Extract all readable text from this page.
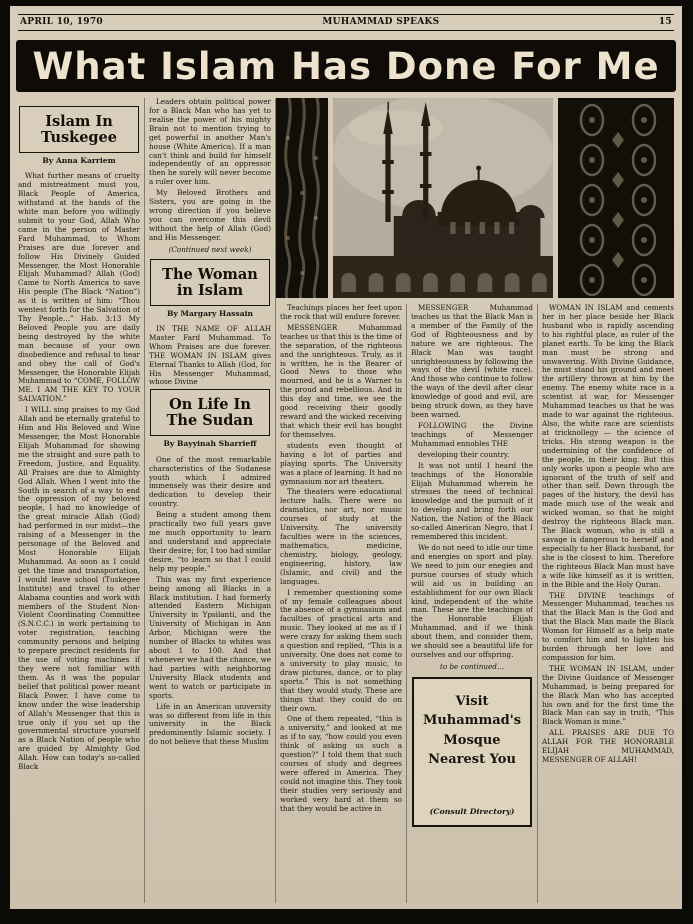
APRIL 10, 1970	MUHAMMAD SPEAKS	15
What Islam Has Done For Me
Islam In Tuskegee
By Anna Karriem

What further means of cruelty and mistreatment must you, Black People of America, withstand at the hands of the white man before you willingly submit to your God, Allah Who came in the person of Master Fard Muhammad, to Whom Praises are due forever and follow His Divinely Guided Messenger, the Most Honorable Elijah Muhammad? Allah (God) Came to North America to save His people (The Black “Nation”) as it is written of him: “Thou wentest forth for the Salvation of Thy People…” Hab. 3:13 My Beloved People you are daily being destroyed by the white man because of your own disobedience and refusal to hear and obey the call of God's Messenger, the Honorable Elijah Muhammad to “COME, FOLLOW ME. I AM THE KEY TO YOUR SALVATION.”

I WILL sing praises to my God Allah and be eternally grateful to Him and His Beloved and Wise Messenger, the Most Honorable Elijah Muhammad for showing me the straight and sure path to Freedom, Justice, and Equality. All Praises are due to Almighty God Allah. When I went into the South in search of a way to end the oppression of my beloved people, I had no knowledge of the great miracle Allah (God) had performed in our midst—the raising of a Messenger in the personage of the Beloved and Most Honorable Elijah Muhammad. As soon as I could get the time and transportation, I would leave school (Tuskegee Institute) and travel to other Alabama counties and work with members of the Student Non-Violent Coordinating Committee (S.N.C.C.) in work pertaining to voter registration, teaching community persons and helping to prepare precinct residents for the use of voting machines if they were not familiar with them. As it was the popular belief that political power meant Black Power, I have come to know under the wise leadership of Allah's Messenger that this is true only if you set up the governmental structure yourself as a Black Nation of people who are guided by Almighty God Allah. How can today's so-called Black

Leaders obtain political power for a Black Man who has yet to realise the power of his mighty Brain not to mention trying to get powerful in another Man's house (White America). If a man can't think and build for himself independently of an oppressor then he surely will never become a ruler over him.

My Beloved Brothers and Sisters, you are going in the wrong direction if you believe you can overcome this devil without the help of Allah (God) and His Messenger.

(Continued next week)

The Woman in Islam
By Margary Hassain

IN THE NAME OF ALLAH Master Fard Muhammad. To Whom Praises are due forever. THE WOMAN IN ISLAM gives Eternal Thanks to Allah (God, for His Messenger Muhammad, whose Divine

On Life In The Sudan
By Bayyinah Sharrieff

One of the most remarkable characteristics of the Sudanese youth which I admired immensely was their desire and dedication to develop their country.

Being a student among them practically two full years gave me much opportunity to learn and understand and appreciate their desire; for, I too had similar desire, “to learn so that I could help my people.”

This was my first experience being among all Blacks in a Black institution. I had formerly attended Eastern Michigan University in Ypsilanti, and the University of Michigan in Ann Arbor, Michigan were the number of Blacks to whites was about 1 to 100. And that whenever we had the chance, we had parties with neighboring University Black students and went to watch or participate in sports.

Life in an American university was so different from life in this university in the Black predominently Islamic society. I do not believe that these Muslim

Teachings places her feet upon the rock that will endure forever.

MESSENGER Muhammad teaches us that this is the time of the separation, of the righteous and the unrighteous. Truly, as it is written, he is the Bearer of Good News to those who mourned, and he is a Warner to the proud and rebellious. And in this day and time, we see the good receiving their goodly reward and the wicked receiving that which their evil has bought for themselves.

students even thought of having a lot of parties and playing sports. The University was a place of learning. It had no gymnasium nor art theaters.

The theaters were educational lecture halls. There were no dramatics, nor art, nor music courses of study at the University. The university faculties were in the sciences, mathematics, medicine, chemistry, biology, geology, engineering, history, law (Islamic, and civil) and the languages.

I remember questioning some of my female colleagues about the absence of a gymnasium and faculties of practical arts and music. They looked at me as if I were crazy for asking them such a question and replied, “This is a university. One does not come to a university to play music, to draw pictures, dance, or to play sports.” This is not something that they would study. These are things that they could do on their own.

One of them repeated, “this is a university,” and looked at me as if to say, “how could you even think of asking us such a question?” I told them that such courses of study and degrees were offered in America. They could not imagine this. They took their studies very seriously and worked very hard at them so that they would be active in

MESSENGER Muhammad teaches us that the Black Man is a member of the Family of the God of Righteousness and by nature we are righteous. The Black Man was taught unrighteousness by following the ways of the devil (white race). And those who continue to follow the ways of the devil after clear knowledge of good and evil, are being struck down, as they have been warned.

FOLLOWING the Divine teachings of Messenger Muhammad ennobles THE

developing their country.

It was not until I heard the teachings of the Honorable Elijah Muhammad wherein he stresses the need of technical knowledge and the pursuit of it to develop and bring forth our Nation, the Nation of the Black so-called American Negro, that I remembered this incident.

We do not need to idle our time and energies on sport and play. We need to join our enegies and pursue courses of study which will aid us in building an establishment for our own Black kind, independent of the white man. These are the teachings of the Honorable Elijah Muhammad, and if we think about them, and consider them, we should see a beautiful life for ourselves and our offspring.

to be continued…

Visit Muhammad's Mosque Nearest You
(Consult Directory)

WOMAN IN ISLAM and cements her in her place beside her Black husband who is rapidly ascending to his rightful place, as ruler of the planet earth. To be king the Black man must be strong and unwavering. With Divine Guidance, he must stand his ground and meet the artillery thrown at him by the enemy. The enemy white race is a scientist at war, for Messenger Muhammad teaches us that he was made to war against the righteous. Also, the white race are scientists at tricknollegy — the science of tricks. His strong weapon is the undermining of the confidence of the people, in their king. But this only works upon a people who are ignorant of the truth of self and other than self. Down through the pages of the history, the devil has made much use of the weak and wicked woman, so that he might destroy the righteous Black man. The Black woman, who is still a savage is dangerous to herself and especially to her Black husband, for she is the closest to him. Therefore the righteous Black Man must have a wife like himself as it is written, in the Bible and the Holy Quran.

THE DIVINE teachings of Messenger Muhammad, teaches us that the Black Man is the God and that the Black Man made the Black Woman for Himself as a help mate to comfort him and to lighten his burden through her love and compassion for him.

THE WOMAN IN ISLAM, under the Divine Guidance of Messenger Muhammad, is being prepared for the Black Man who has accepted his own and for the first time the Black Man can say in truth, “This Black Woman is mine.”

ALL PRAISES ARE DUE TO ALLAH FOR THE HONORABLE ELIJAH MUHAMMAD, MESSENGER OF ALLAH!
